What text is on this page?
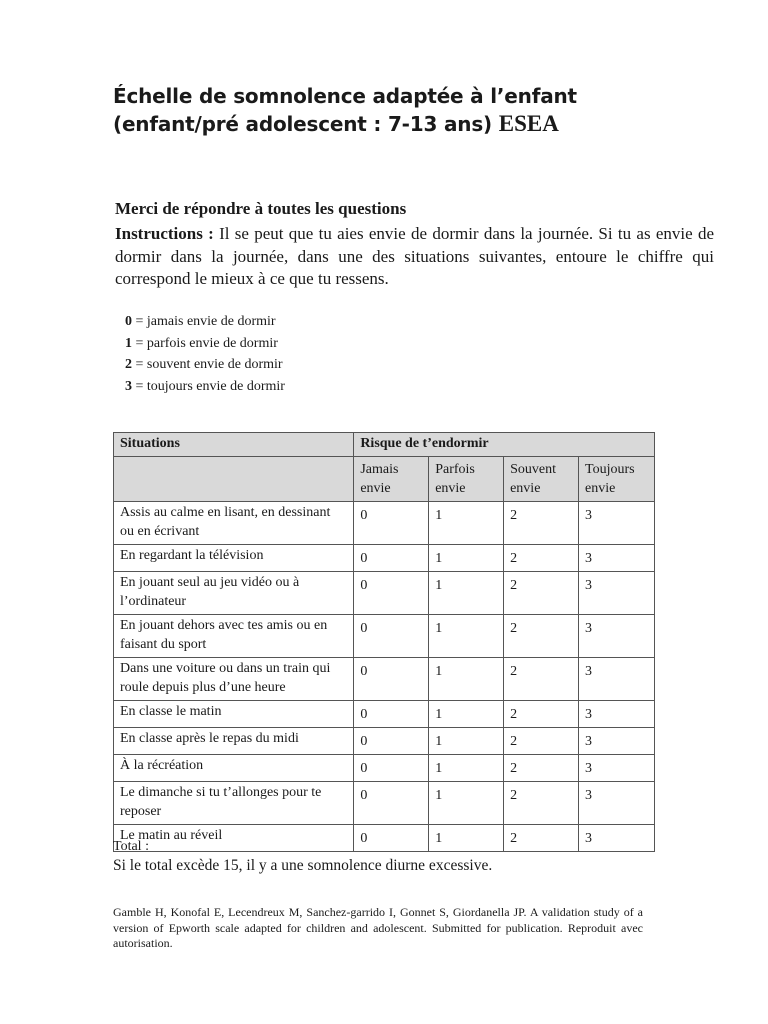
Échelle de somnolence adaptée à l’enfant
(enfant/pré adolescent : 7-13 ans) ESEA
Merci de répondre à toutes les questions
Instructions : Il se peut que tu aies envie de dormir dans la journée. Si tu as envie de dormir dans la journée, dans une des situations suivantes, entoure le chiffre qui correspond le mieux à ce que tu ressens.
0 = jamais envie de dormir
1 = parfois envie de dormir
2 = souvent envie de dormir
3 = toujours envie de dormir
Situations	Risque de t’endormir			
	Jamais envie	Parfois envie	Souvent envie	Toujours envie
Assis au calme en lisant, en dessinant ou en écrivant	0	1	2	3
En regardant la télévision	0	1	2	3
En jouant seul au jeu vidéo ou à l’ordinateur	0	1	2	3
En jouant dehors avec tes amis ou en faisant du sport	0	1	2	3
Dans une voiture ou dans un train qui roule depuis plus d’une heure	0	1	2	3
En classe le matin	0	1	2	3
En classe après le repas du midi	0	1	2	3
À la récréation	0	1	2	3
Le dimanche si tu t’allonges pour te reposer	0	1	2	3
Le matin au réveil	0	1	2	3
Total :
Si le total excède 15, il y a une somnolence diurne excessive.
Gamble H, Konofal E, Lecendreux M, Sanchez-garrido I, Gonnet S, Giordanella JP. A validation study of a version of Epworth scale adapted for children and adolescent. Submitted for publication. Reproduit avec autorisation.
